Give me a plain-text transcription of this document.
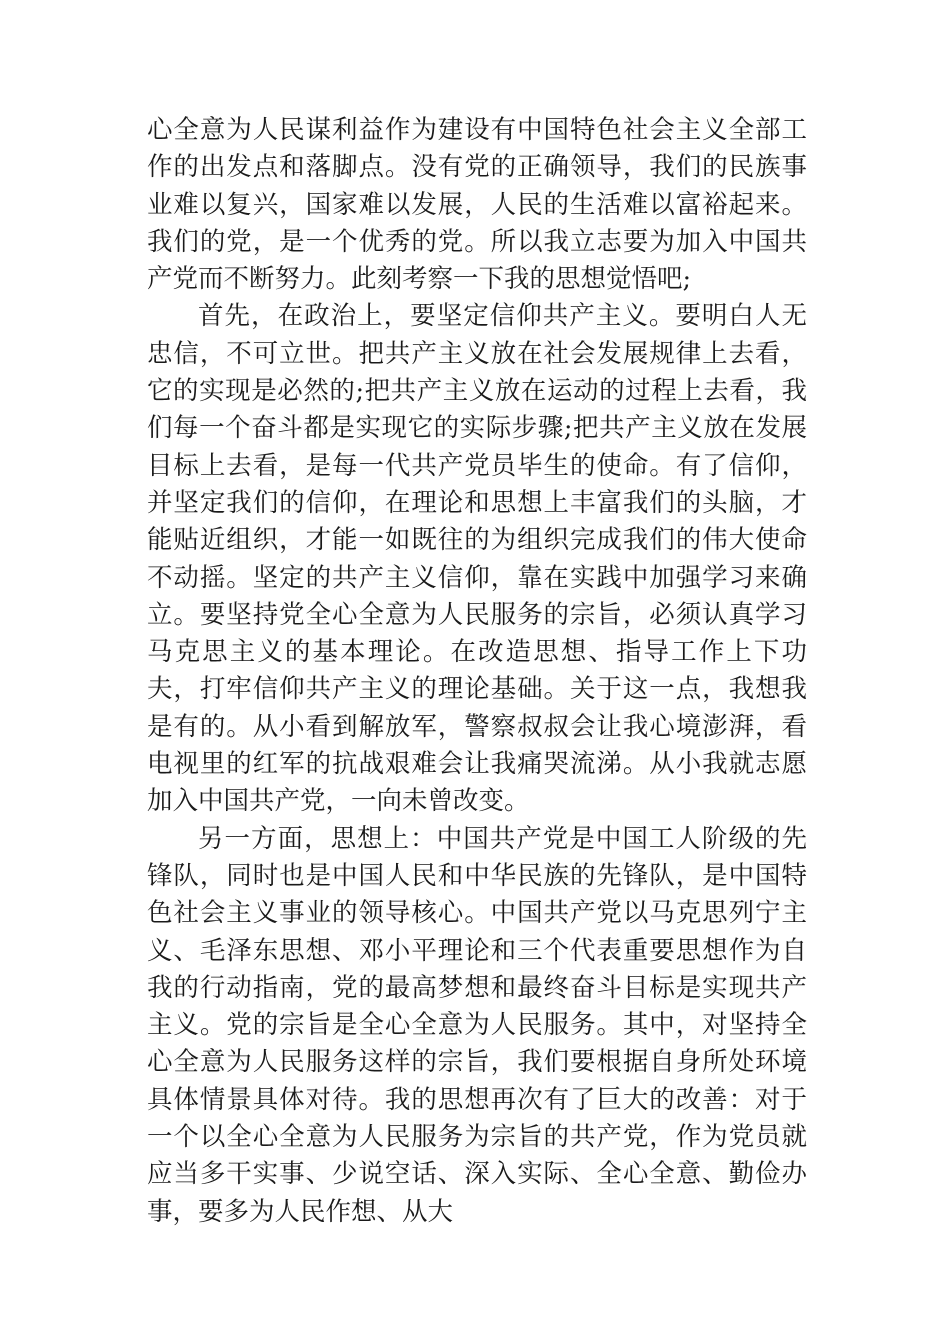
心全意为人民谋利益作为建设有中国特色社会主义全部工作的出发点和落脚点。没有党的正确领导，我们的民族事业难以复兴，国家难以发展，人民的生活难以富裕起来。我们的党，是一个优秀的党。所以我立志要为加入中国共产党而不断努力。此刻考察一下我的思想觉悟吧;

首先，在政治上，要坚定信仰共产主义。要明白人无忠信，不可立世。把共产主义放在社会发展规律上去看，它的实现是必然的;把共产主义放在运动的过程上去看，我们每一个奋斗都是实现它的实际步骤;把共产主义放在发展目标上去看，是每一代共产党员毕生的使命。有了信仰，并坚定我们的信仰，在理论和思想上丰富我们的头脑，才能贴近组织，才能一如既往的为组织完成我们的伟大使命不动摇。坚定的共产主义信仰，靠在实践中加强学习来确立。要坚持党全心全意为人民服务的宗旨，必须认真学习马克思主义的基本理论。在改造思想、指导工作上下功夫，打牢信仰共产主义的理论基础。关于这一点，我想我是有的。从小看到解放军，警察叔叔会让我心境澎湃，看电视里的红军的抗战艰难会让我痛哭流涕。从小我就志愿加入中国共产党，一向未曾改变。

另一方面，思想上：中国共产党是中国工人阶级的先锋队，同时也是中国人民和中华民族的先锋队，是中国特色社会主义事业的领导核心。中国共产党以马克思列宁主义、毛泽东思想、邓小平理论和三个代表重要思想作为自我的行动指南，党的最高梦想和最终奋斗目标是实现共产主义。党的宗旨是全心全意为人民服务。其中，对坚持全心全意为人民服务这样的宗旨，我们要根据自身所处环境具体情景具体对待。我的思想再次有了巨大的改善：对于一个以全心全意为人民服务为宗旨的共产党，作为党员就应当多干实事、少说空话、深入实际、全心全意、勤俭办事，要多为人民作想、从大
